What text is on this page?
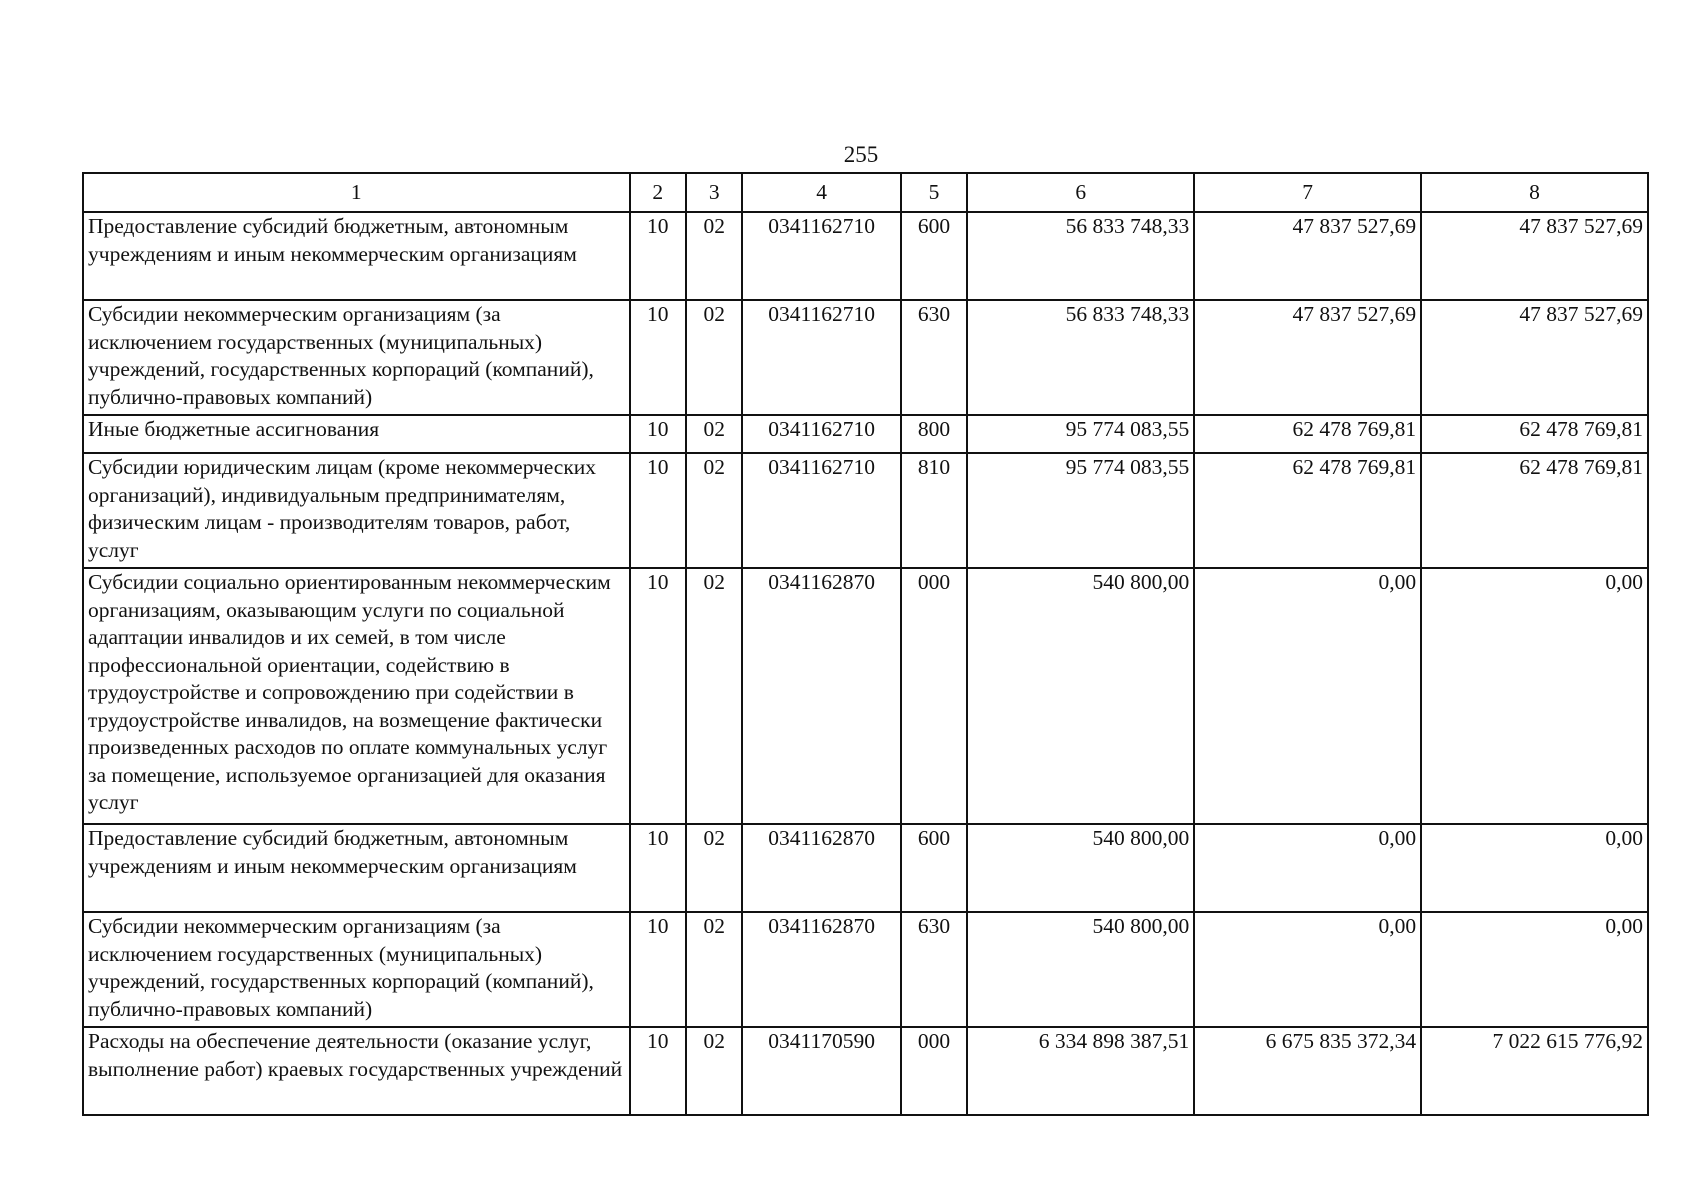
255
1	2	3	4	5	6	7	8
Предоставление субсидий бюджетным, автономным учреждениям и иным некоммерческим организациям	10	02	0341162710	600	56 833 748,33	47 837 527,69	47 837 527,69
Субсидии некоммерческим организациям (за исключением государственных (муниципальных) учреждений, государственных корпораций (компаний), публично-правовых компаний)	10	02	0341162710	630	56 833 748,33	47 837 527,69	47 837 527,69
Иные бюджетные ассигнования	10	02	0341162710	800	95 774 083,55	62 478 769,81	62 478 769,81
Субсидии юридическим лицам (кроме некоммерческих организаций), индивидуальным предпринимателям, физическим лицам - производителям товаров, работ, услуг	10	02	0341162710	810	95 774 083,55	62 478 769,81	62 478 769,81
Субсидии социально ориентированным некоммерческим организациям, оказывающим услуги по социальной адаптации инвалидов и их семей, в том числе профессиональной ориентации, содействию в трудоустройстве и сопровождению при содействии в трудоустройстве инвалидов, на возмещение фактически произведенных расходов по оплате коммунальных услуг за помещение, используемое организацией для оказания услуг	10	02	0341162870	000	540 800,00	0,00	0,00
Предоставление субсидий бюджетным, автономным учреждениям и иным некоммерческим организациям	10	02	0341162870	600	540 800,00	0,00	0,00
Субсидии некоммерческим организациям (за исключением государственных (муниципальных) учреждений, государственных корпораций (компаний), публично-правовых компаний)	10	02	0341162870	630	540 800,00	0,00	0,00
Расходы на обеспечение деятельности (оказание услуг, выполнение работ) краевых государственных учреждений	10	02	0341170590	000	6 334 898 387,51	6 675 835 372,34	7 022 615 776,92
